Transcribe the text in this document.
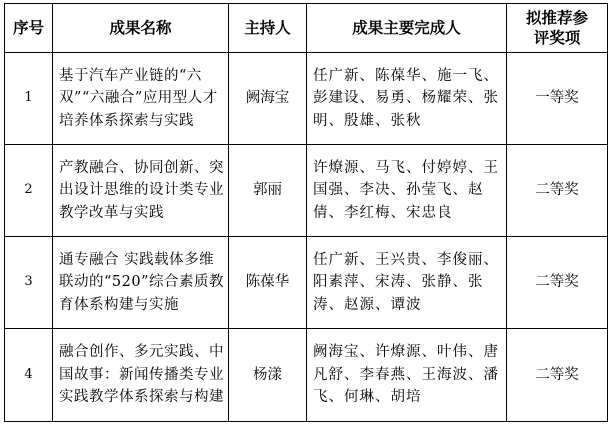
序号	成果名称	主持人	成果主要完成人	拟推荐参
评奖项

1	基于汽车产业链的“六双”“六融合”应用型人才培养体系探索与实践	阙海宝	任广新、陈葆华、施一飞、彭建设、易勇、杨耀荣、张明、殷雄、张秋	一等奖
2	产教融合、协同创新、突出设计思维的设计类专业教学改革与实践	郭丽	许燎源、马飞、付婷婷、王国强、李决、孙莹飞、赵倩、李红梅、宋忠良	二等奖
3	通专融合 实践载体多维联动的“520”综合素质教育体系构建与实施	陈葆华	任广新、王兴贵、李俊丽、阳素萍、宋涛、张静、张涛、赵源、谭波	二等奖
4	融合创作、多元实践、中国故事：新闻传播类专业实践教学体系探索与构建	杨漾	阙海宝、许燎源、叶伟、唐凡舒、李春燕、王海波、潘飞、何琳、胡培	二等奖
